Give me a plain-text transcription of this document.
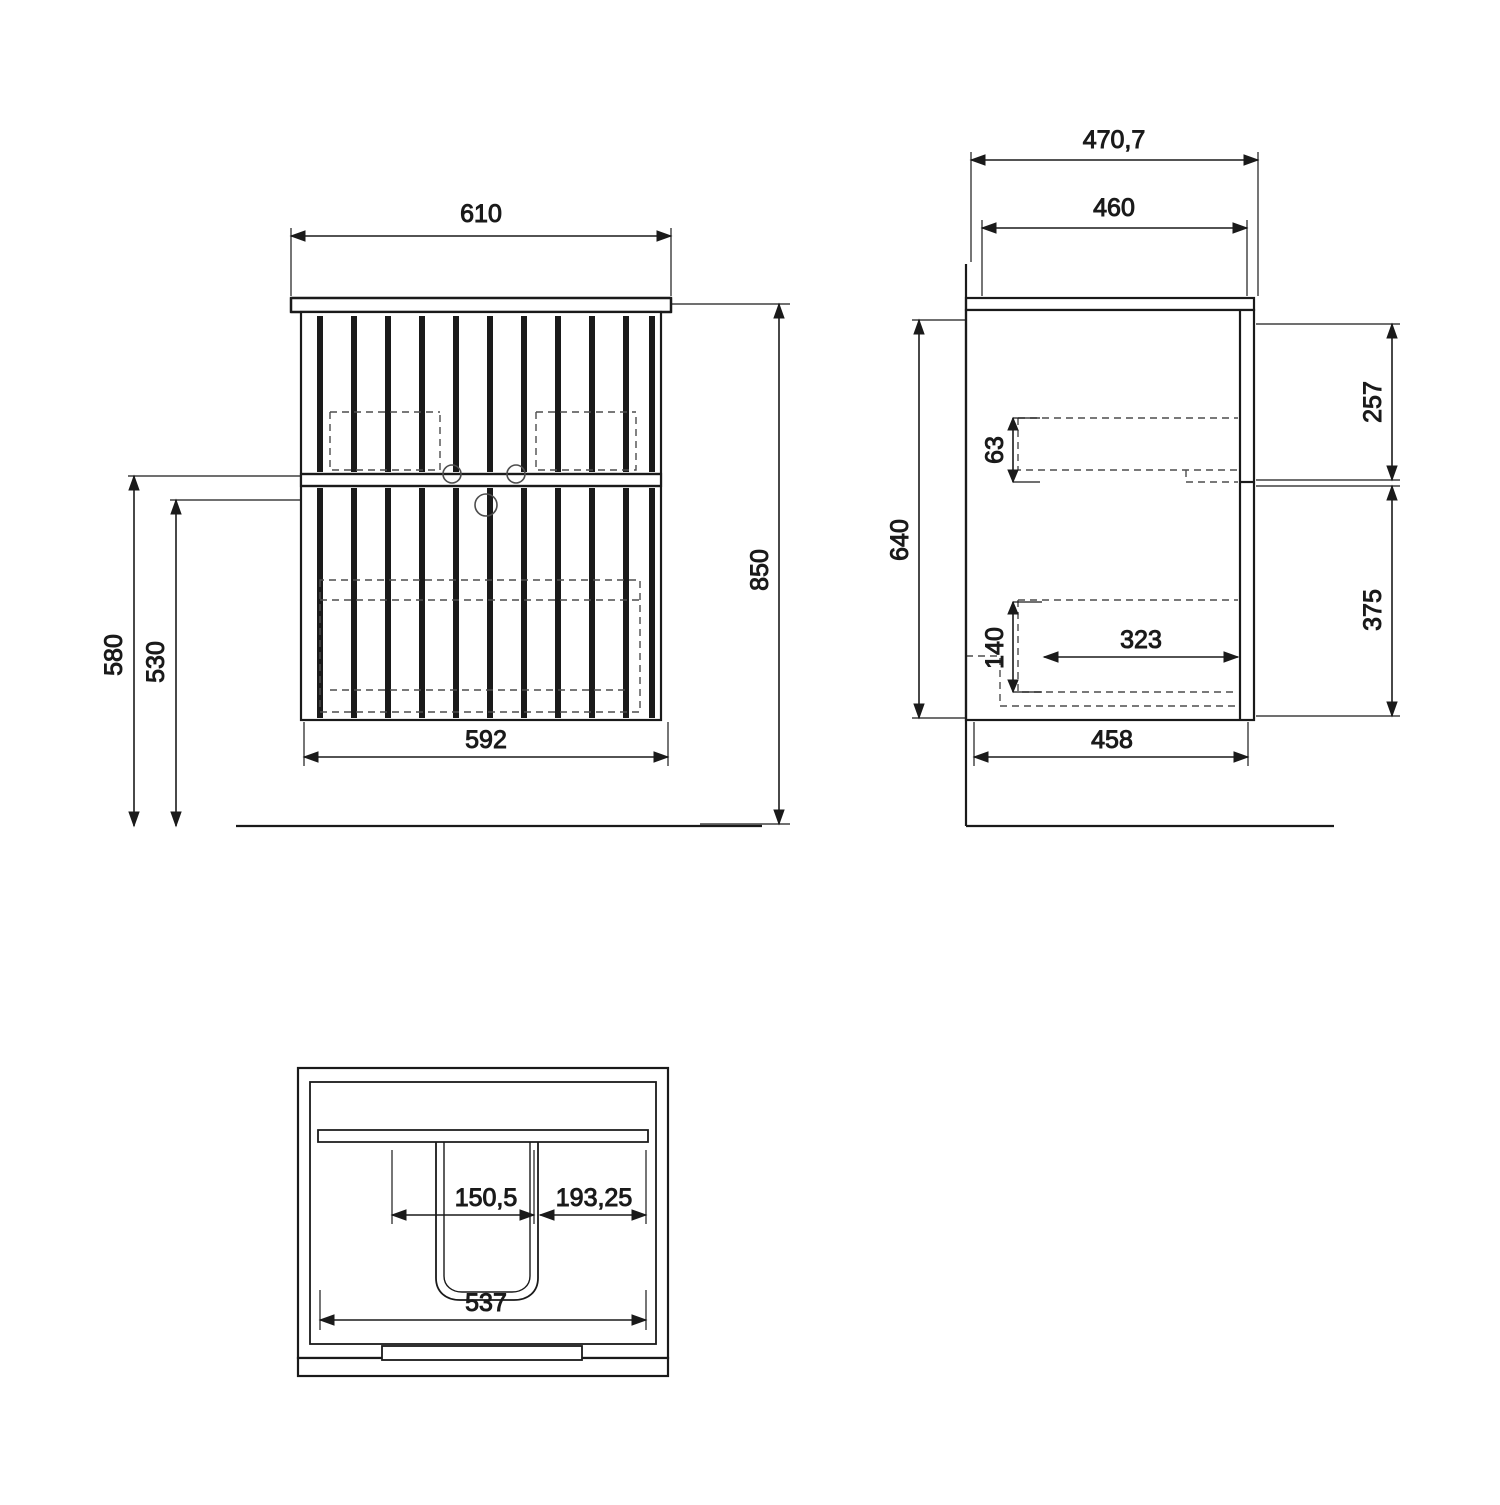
610
592
850
580 530
470,7
460
458
640
63
140	323
257
375
150,5 193,25
537
